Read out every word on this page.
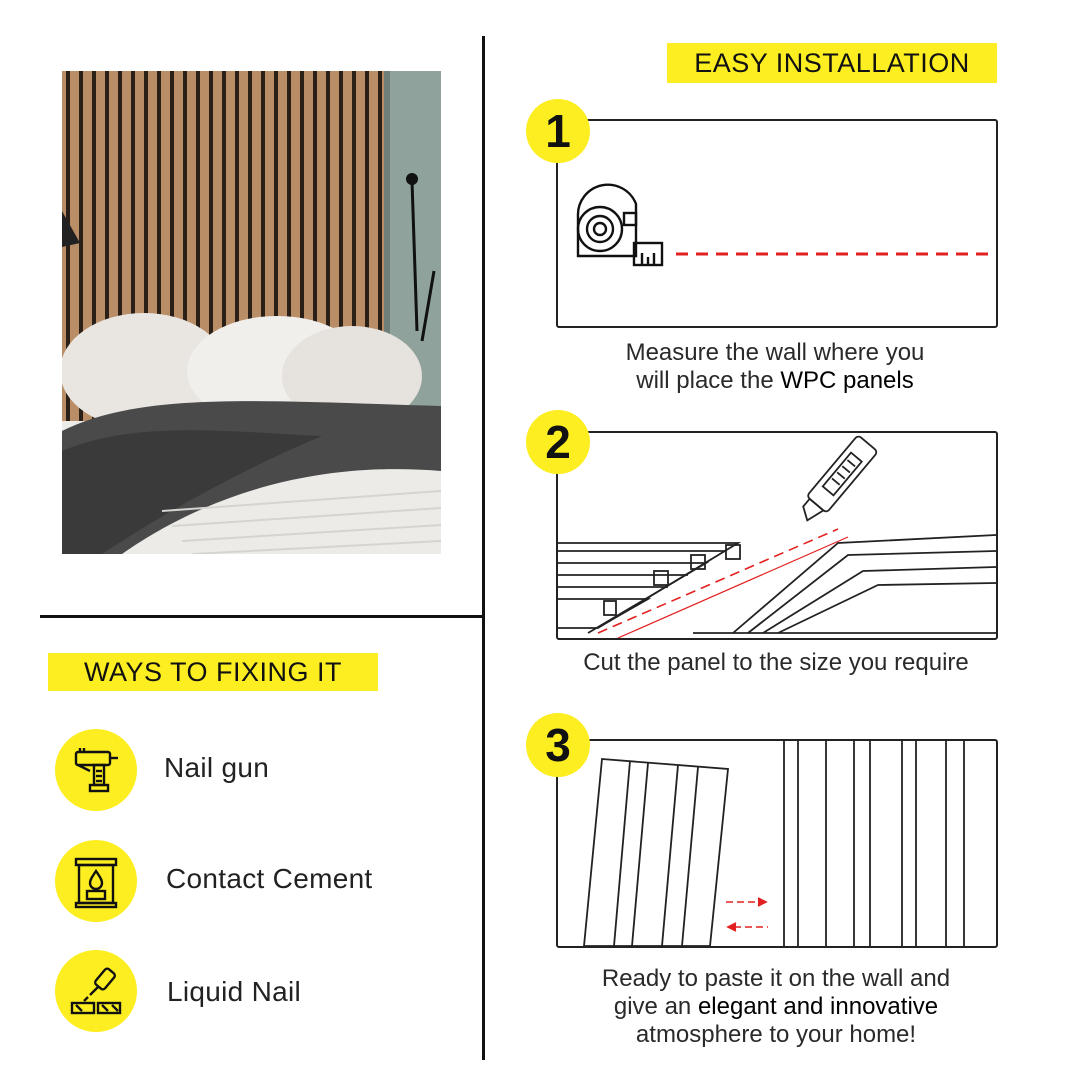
EASY INSTALLATION
WAYS TO FIXING IT
Nail gun
Contact Cement
Liquid Nail
1
Measure the wall where you
will place the WPC panels
2
Cut the panel to the size you require
3
Ready to paste it on the wall and
give an elegant and innovative
atmosphere to your home!
